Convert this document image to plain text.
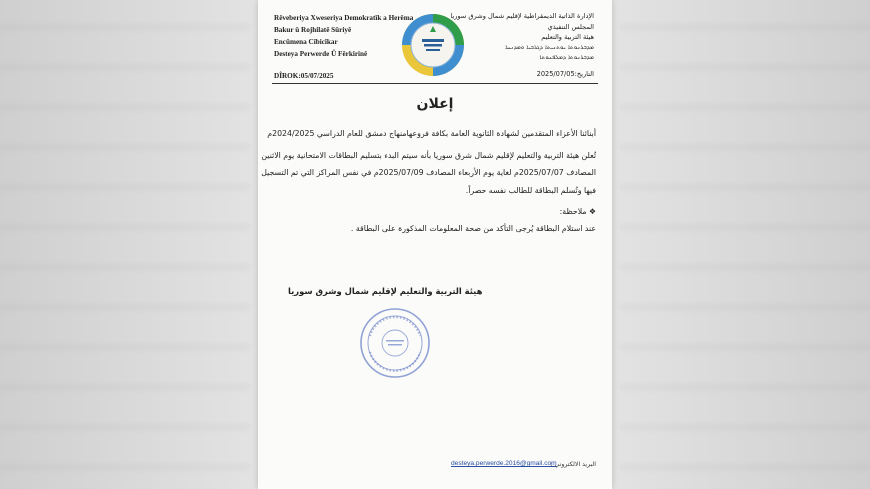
Rêveberiya Xweseriya Demokratîk a Herêma
Bakur û Rojhilatê Sûriyê
Encûmena Cîbicîkar
Desteya Perwerde Û Fêrkirinê
DÎROK:05/07/2025
الإدارة الذاتية الديمقراطية لإقليم شمال وشرق سوريا
المجلس التنفيذي
هيئة التربية والتعليم
ܡܕܒܪܢܘܬܐ ܝܘܬܢܝܬܐ ܕܓܪܒܝܐ ܘܡܕܢܚܐ
ܡܕܒܪܢܘܬܐ ܕܡܠܦܢܘܬܐ
التاريخ:2025/07/05
إعلان
أبنائنا الأعزاء المتقدمين لشهادة الثانوية العامة بكافة فروعهامنهاج دمشق للعام الدراسي 2024/2025م
تُعلن هيئة التربية والتعليم لإقليم شمال شرق سوريا بأنه سيتم البدء بتسليم البطاقات الامتحانية يوم الاثنين
المصادف 2025/07/07م لغاية يوم الأربعاء المصادف 2025/07/09م في نفس المراكز التي تم التسجيل
فيها وتُسلم البطاقة للطالب نفسه حصراً.
❖ ملاحظة:
عند استلام البطاقة يُرجى التأكد من صحة المعلومات المذكورة على البطاقة .
هيئة التربية والتعليم لإقليم شمال وشرق سوريا
البريد الالكتروني :
desteya.perwerde.2016@gmail.com
